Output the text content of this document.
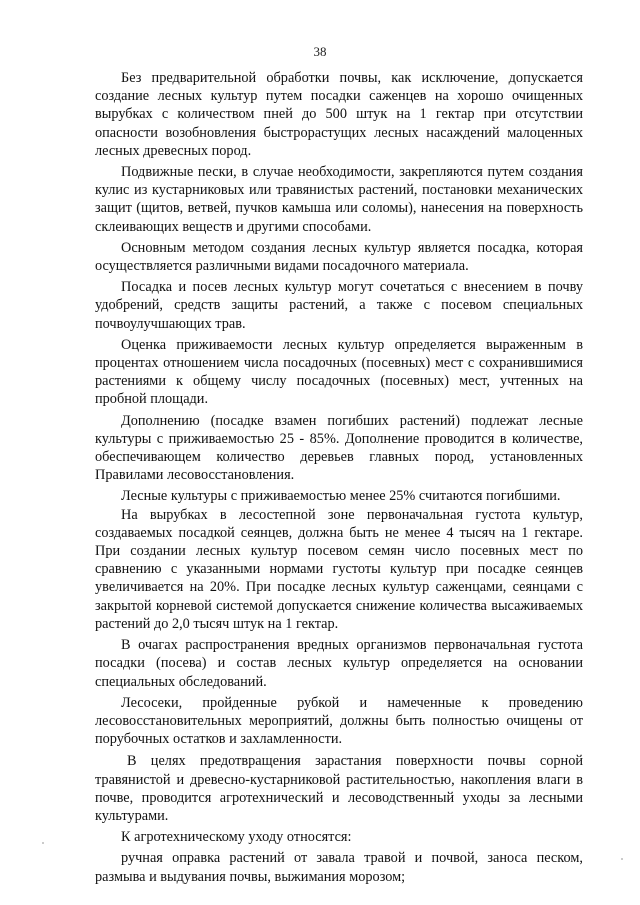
38

Без предварительной обработки почвы, как исключение, допускается создание лесных культур путем посадки саженцев на хорошо очищенных вырубках с количеством пней до 500 штук на 1 гектар при отсутствии опасности возобновления быстрорастущих лесных насаждений малоценных лесных древесных пород.

Подвижные пески, в случае необходимости, закрепляются путем создания кулис из кустарниковых или травянистых растений, постановки механических защит (щитов, ветвей, пучков камыша или соломы), нанесения на поверхность склеивающих веществ и другими способами.

Основным методом создания лесных культур является посадка, которая осуществляется различными видами посадочного материала.

Посадка и посев лесных культур могут сочетаться с внесением в почву удобрений, средств защиты растений, а также с посевом специальных почвоулучшающих трав.

Оценка приживаемости лесных культур определяется выраженным в процентах отношением числа посадочных (посевных) мест с сохранившимися растениями к общему числу посадочных (посевных) мест, учтенных на пробной площади.

Дополнению (посадке взамен погибших растений) подлежат лесные культуры с приживаемостью 25 - 85%. Дополнение проводится в количестве, обеспечивающем количество деревьев главных пород, установленных Правилами лесовосстановления.

Лесные культуры с приживаемостью менее 25% считаются погибшими.

На вырубках в лесостепной зоне первоначальная густота культур, создаваемых посадкой сеянцев, должна быть не менее 4 тысяч на 1 гектаре. При создании лесных культур посевом семян число посевных мест по сравнению с указанными нормами густоты культур при посадке сеянцев увеличивается на 20%. При посадке лесных культур саженцами, сеянцами с закрытой корневой системой допускается снижение количества высаживаемых растений до 2,0 тысяч штук на 1 гектар.

В очагах распространения вредных организмов первоначальная густота посадки (посева) и состав лесных культур определяется на основании специальных обследований.

Лесосеки, пройденные рубкой и намеченные к проведению лесовосстановительных мероприятий, должны быть полностью очищены от порубочных остатков и захламленности.

В целях предотвращения зарастания поверхности почвы сорной травянистой и древесно-кустарниковой растительностью, накопления влаги в почве, проводится агротехнический и лесоводственный уходы за лесными культурами.

К агротехническому уходу относятся:

ручная оправка растений от завала травой и почвой, заноса песком, размыва и выдувания почвы, выжимания морозом;
